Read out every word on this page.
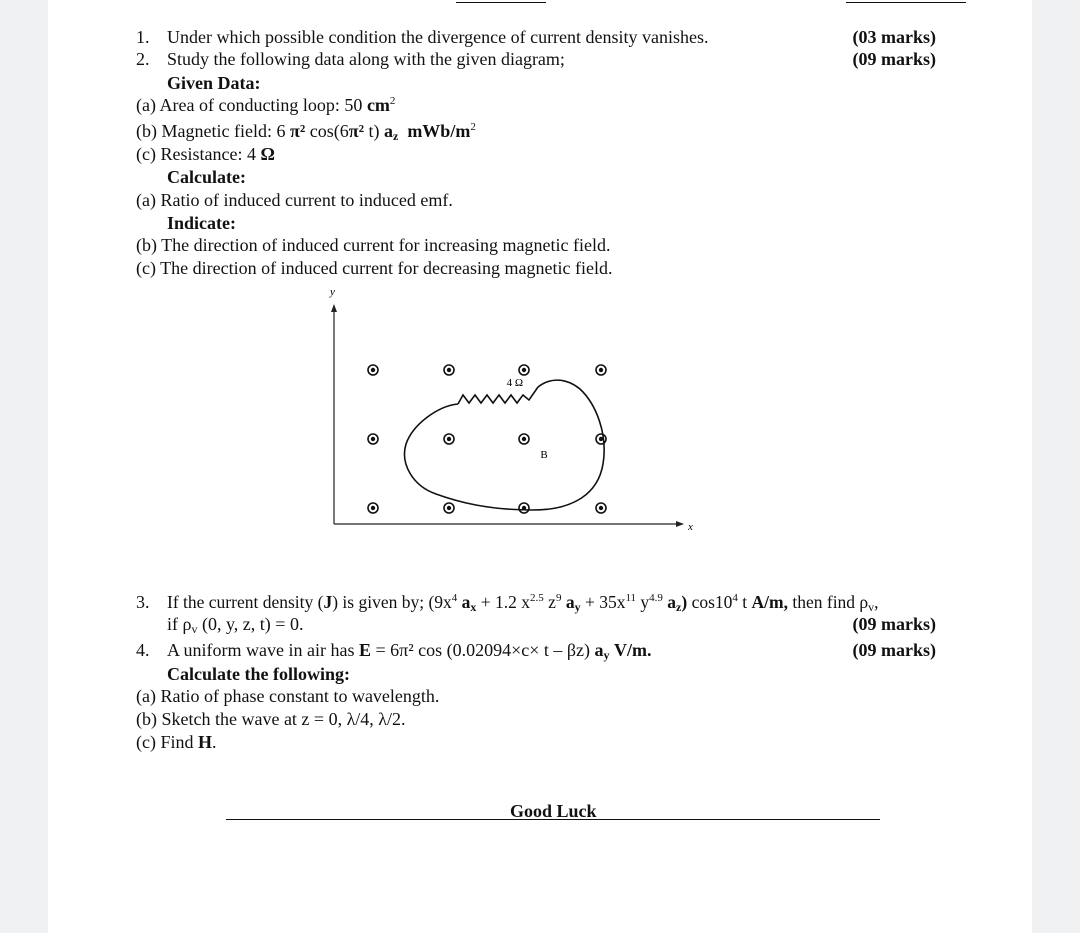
1. Under which possible condition the divergence of current density vanishes.	(03 marks)
2. Study the following data along with the given diagram;	(09 marks)
Given Data:
(a) Area of conducting loop: 50 $cm^2$
(b) Magnetic field: 6 π² cos(6π² t) $a_z$ mWb/$m^2$
(c) Resistance: 4 Ω
Calculate:
(a) Ratio of induced current to induced emf.
Indicate:
(b) The direction of induced current for increasing magnetic field.
(c) The direction of induced current for decreasing magnetic field.
y
x
4 Ω
B
3. If the current density (J) is given by; ($9x^4$ $a_x + 1.2$ $x^{2.5}$ $z^9$ $a_y + 35x^{11}$ $y^{4.9}$ $a_z$) $\cos 10^4$ t A/m, then find $\rho_v$,
if $\rho_v$ (0, y, z, t) = 0.	(09 marks)
4. A uniform wave in air has E = 6π² cos (0.02094×c× t – βz) $a_y$ V/m.	(09 marks)
Calculate the following:
(a) Ratio of phase constant to wavelength.
(b) Sketch the wave at z = 0, λ/4, λ/2.
(c) Find H.
Good Luck
